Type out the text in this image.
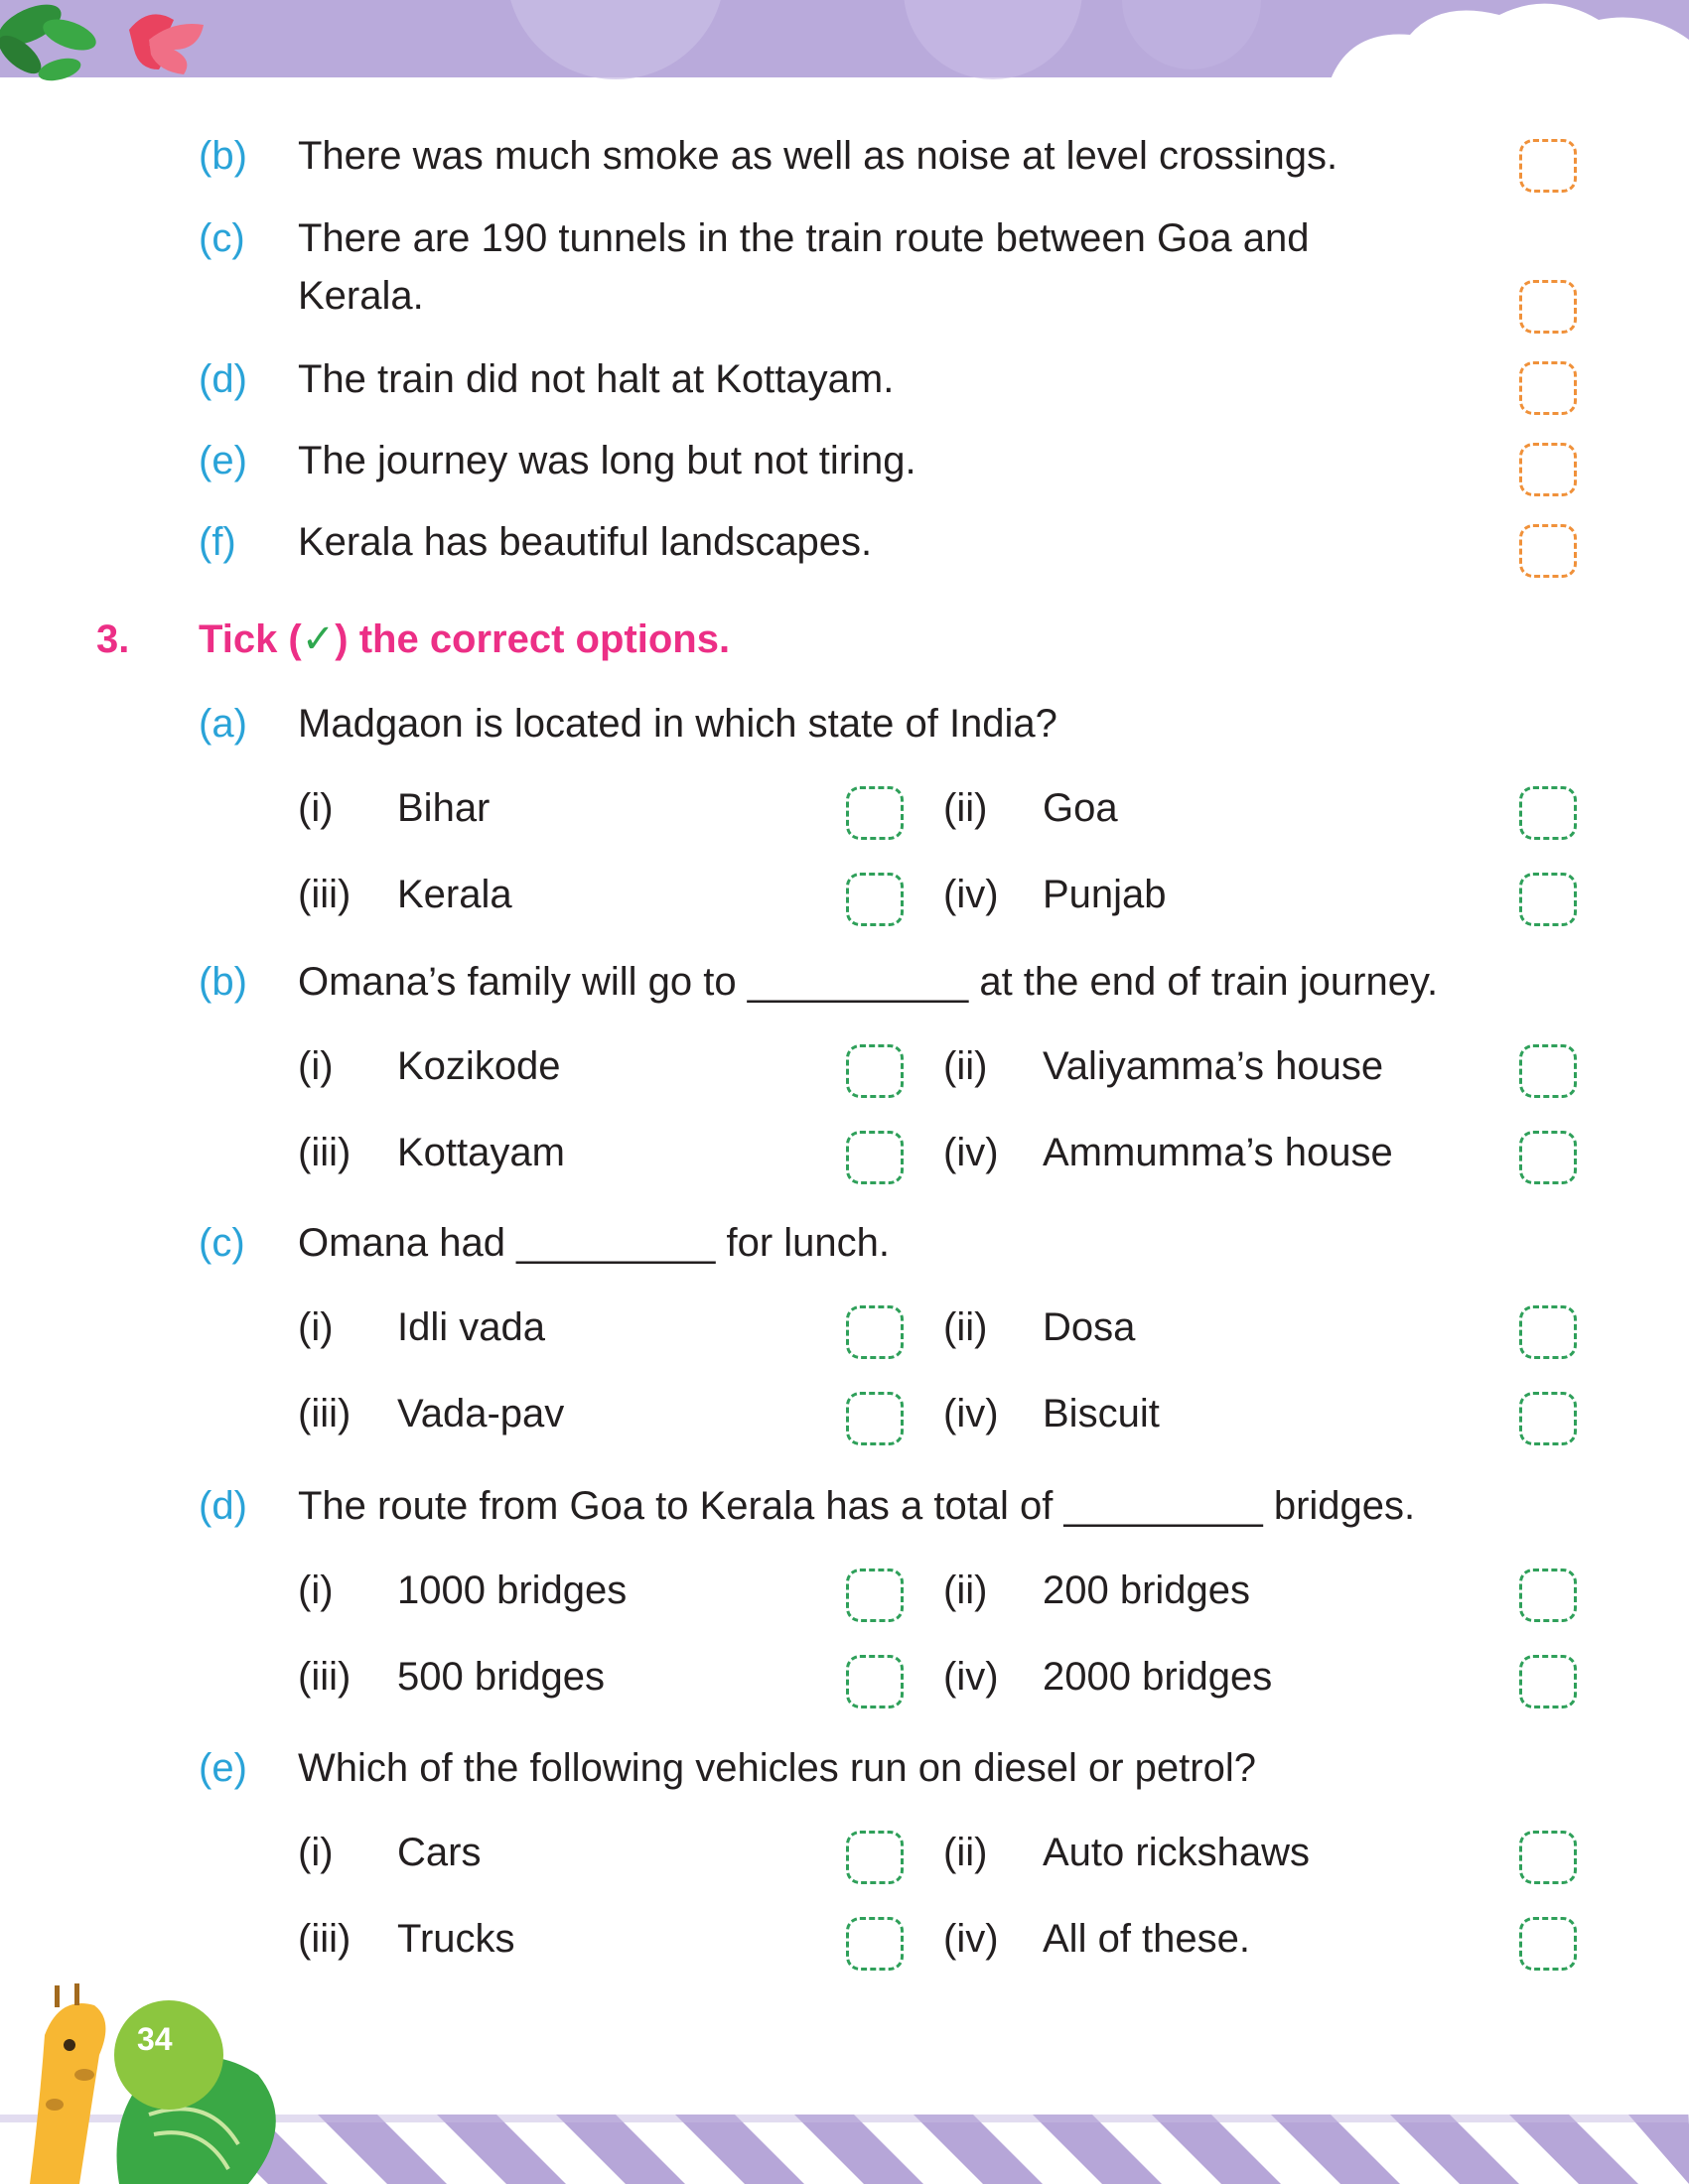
(b) There was much smoke as well as noise at level crossings.
(c) There are 190 tunnels in the train route between Goa and
Kerala.
(d) The train did not halt at Kottayam.
(e) The journey was long but not tiring.
(f) Kerala has beautiful landscapes.
3. Tick (✓) the correct options.
(a) Madgaon is located in which state of India?
(i) Bihar	(ii) Goa
(iii) Kerala	(iv) Punjab
(b) Omana’s family will go to __________ at the end of train journey.
(i) Kozikode	(ii) Valiyamma’s house
(iii) Kottayam	(iv) Ammumma’s house
(c) Omana had _________ for lunch.
(i) Idli vada	(ii) Dosa
(iii) Vada-pav	(iv) Biscuit
(d) The route from Goa to Kerala has a total of _________ bridges.
(i) 1000 bridges	(ii) 200 bridges
(iii) 500 bridges	(iv) 2000 bridges
(e) Which of the following vehicles run on diesel or petrol?
(i) Cars	(ii) Auto rickshaws
(iii) Trucks	(iv) All of these.
34
